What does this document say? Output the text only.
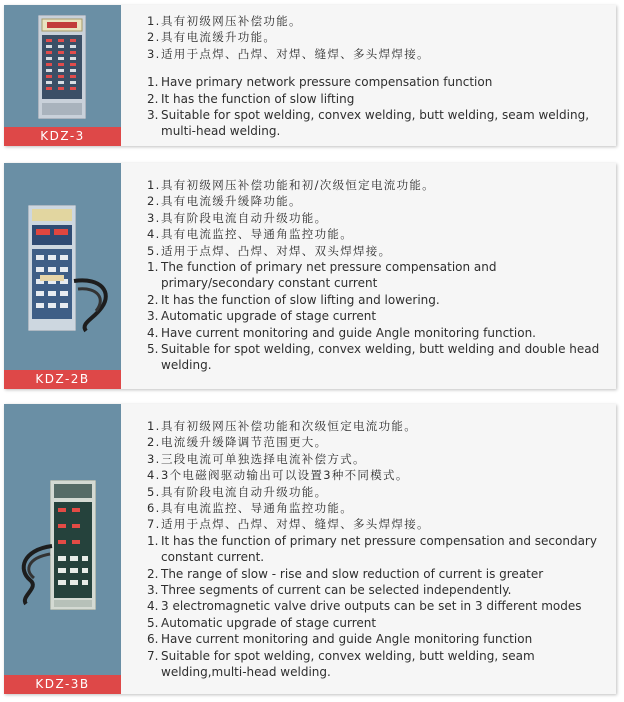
KDZ-3
1. 具有初级网压补偿功能。
2. 具有电流缓升功能。
3. 适用于点焊、凸焊、对焊、缝焊、多头焊焊接。
1. Have primary network pressure compensation function
2. It has the function of slow lifting
3. Suitable for spot welding, convex welding, butt welding, seam welding, multi-head welding.
KDZ-2B
1. 具有初级网压补偿功能和初/次级恒定电流功能。
2. 具有电流缓升缓降功能。
3. 具有阶段电流自动升级功能。
4. 具有电流监控、导通角监控功能。
5. 适用于点焊、凸焊、对焊、双头焊焊接。
1. The function of primary net pressure compensation and primary/secondary constant current
2. It has the function of slow lifting and lowering.
3. Automatic upgrade of stage current
4. Have current monitoring and guide Angle monitoring function.
5. Suitable for spot welding, convex welding, butt welding and double head welding.
KDZ-3B
1. 具有初级网压补偿功能和次级恒定电流功能。
2. 电流缓升缓降调节范围更大。
3. 三段电流可单独选择电流补偿方式。
4. 3个电磁阀驱动输出可以设置3种不同模式。
5. 具有阶段电流自动升级功能。
6. 具有电流监控、导通角监控功能。
7. 适用于点焊、凸焊、对焊、缝焊、多头焊焊接。
1. It has the function of primary net pressure compensation and secondary constant current.
2. The range of slow - rise and slow reduction of current is greater
3. Three segments of current can be selected independently.
4. 3 electromagnetic valve drive outputs can be set in 3 different modes
5. Automatic upgrade of stage current
6. Have current monitoring and guide Angle monitoring function
7. Suitable for spot welding, convex welding, butt welding, seam welding,multi-head welding.
